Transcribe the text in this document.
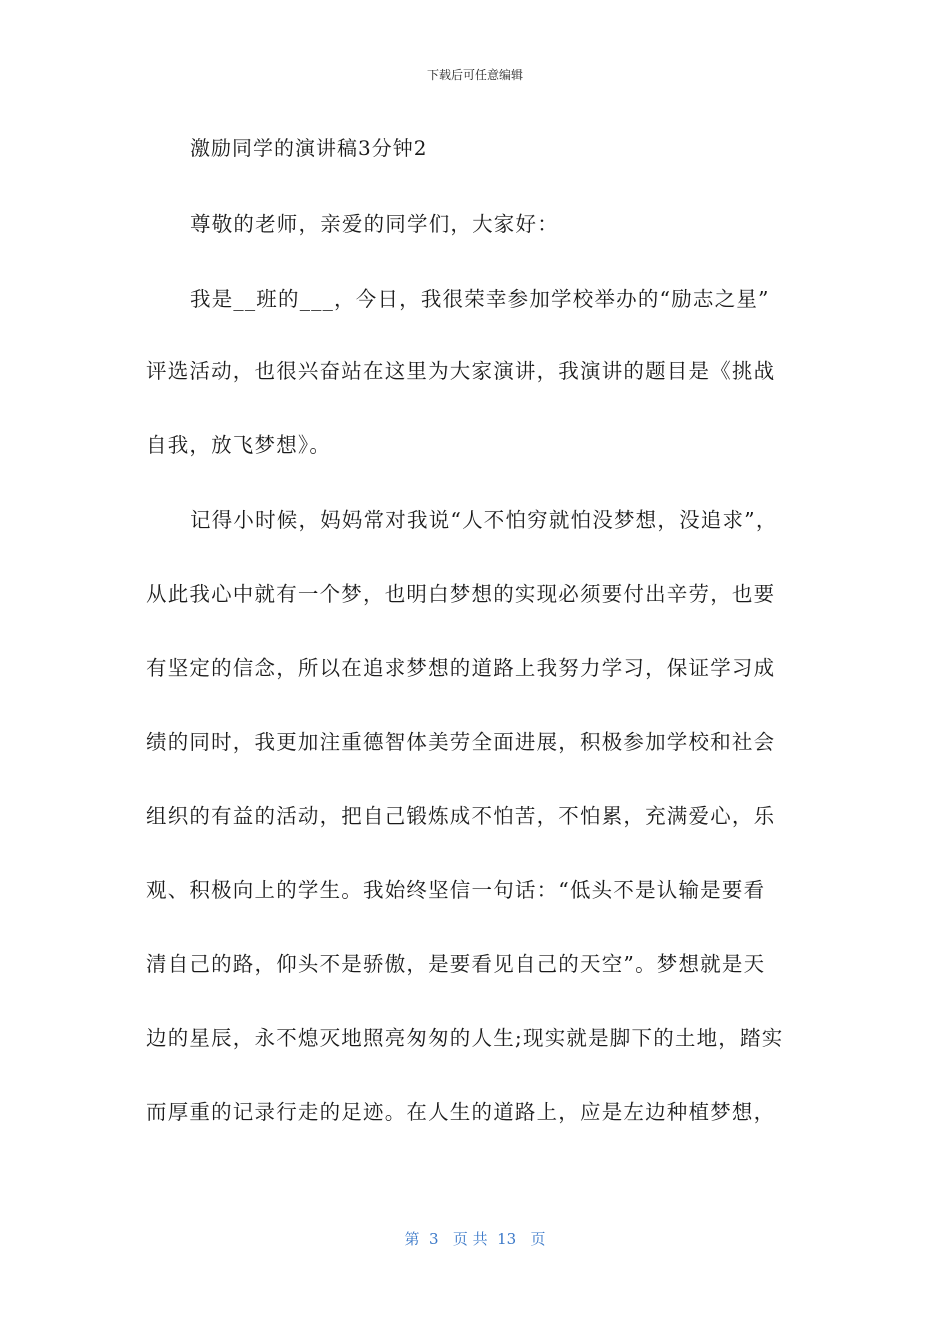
下载后可任意编辑
激励同学的演讲稿3分钟2
尊敬的老师，亲爱的同学们，大家好：
我是__班的___，今日，我很荣幸参加学校举办的“励志之星”
评选活动，也很兴奋站在这里为大家演讲，我演讲的题目是《挑战
自我，放飞梦想》。
记得小时候，妈妈常对我说“人不怕穷就怕没梦想，没追求”，
从此我心中就有一个梦，也明白梦想的实现必须要付出辛劳，也要
有坚定的信念，所以在追求梦想的道路上我努力学习，保证学习成
绩的同时，我更加注重德智体美劳全面进展，积极参加学校和社会
组织的有益的活动，把自己锻炼成不怕苦，不怕累，充满爱心，乐
观、积极向上的学生。我始终坚信一句话：“低头不是认输是要看
清自己的路，仰头不是骄傲，是要看见自己的天空”。梦想就是天
边的星辰，永不熄灭地照亮匆匆的人生;现实就是脚下的土地，踏实
而厚重的记录行走的足迹。在人生的道路上，应是左边种植梦想，
第  3   页 共  13   页
